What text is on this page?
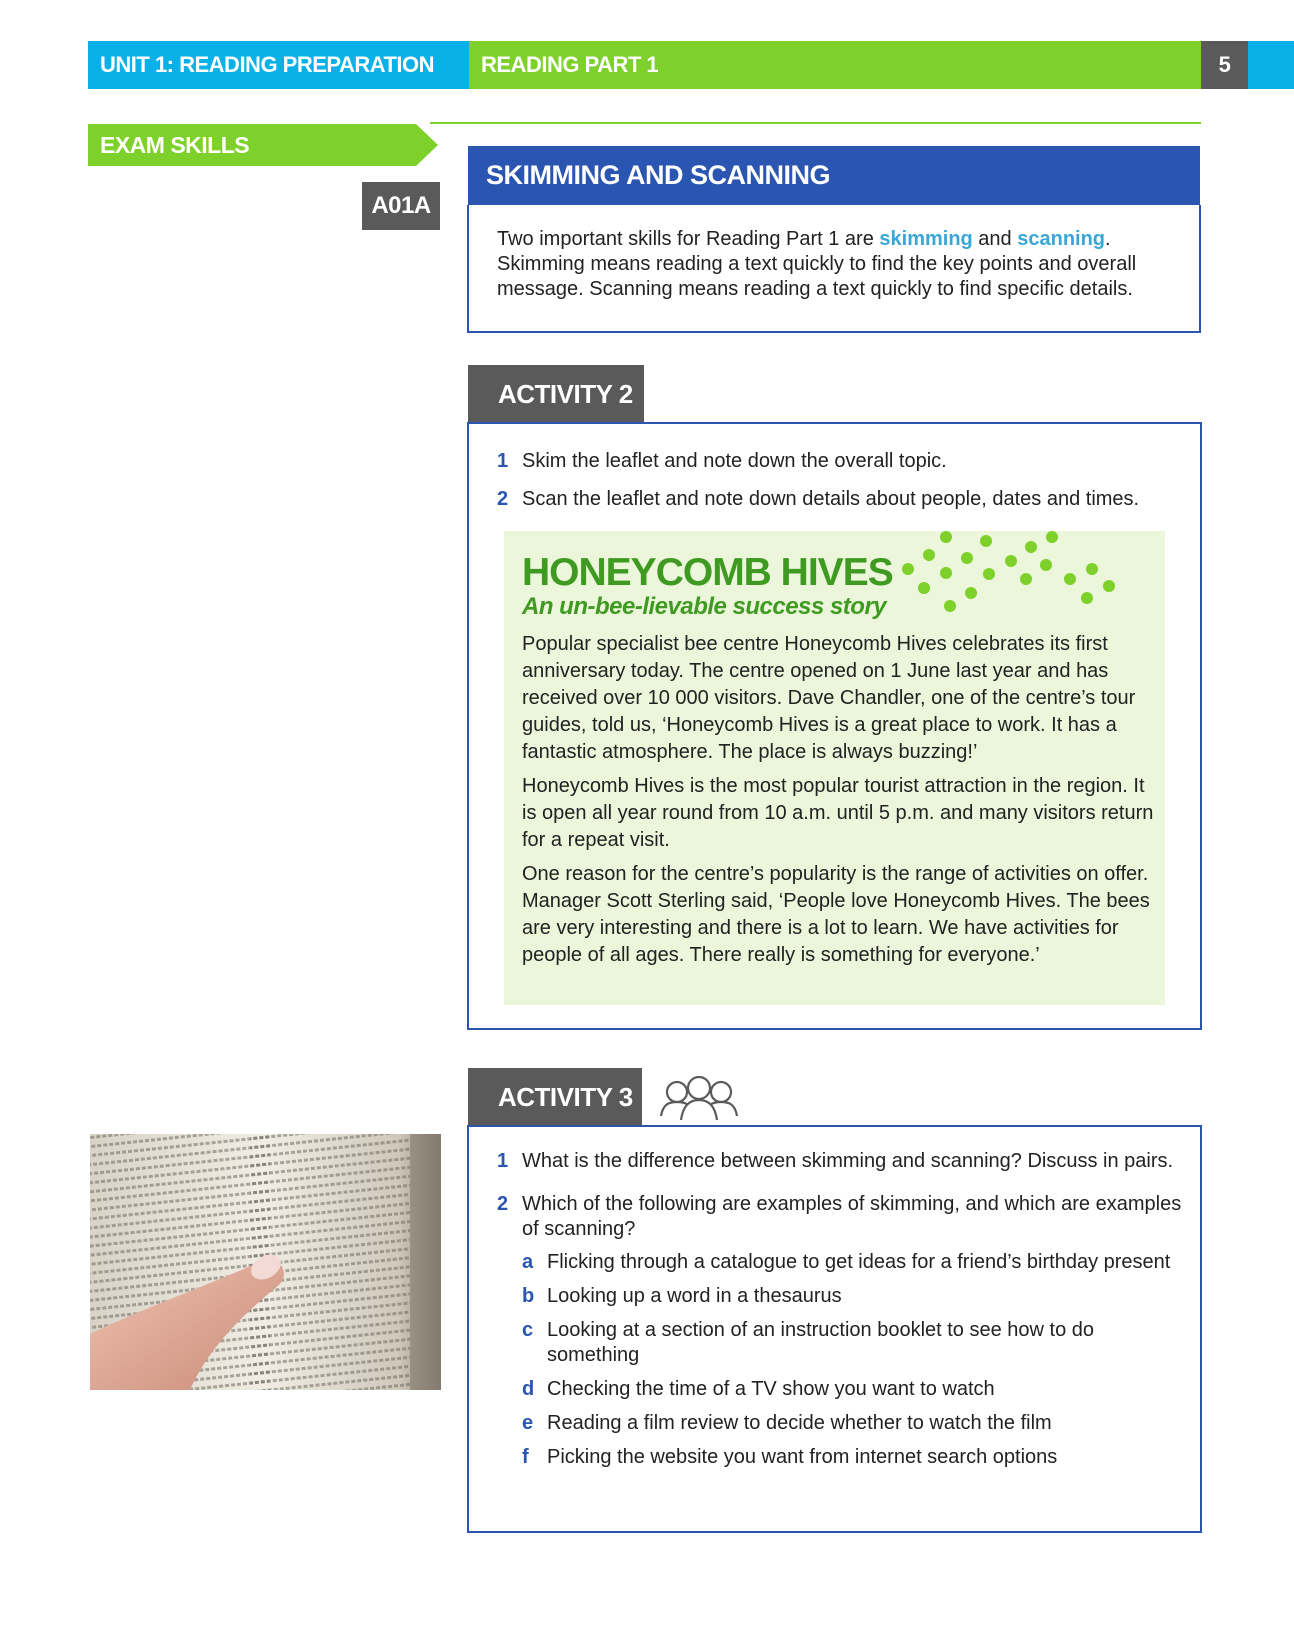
UNIT 1: READING PREPARATION	READING PART 1	5
EXAM SKILLS
A01A
SKIMMING AND SCANNING
Two important skills for Reading Part 1 are skimming and scanning. Skimming means reading a text quickly to find the key points and overall message. Scanning means reading a text quickly to find specific details.
ACTIVITY 2
1 Skim the leaflet and note down the overall topic.
2 Scan the leaflet and note down details about people, dates and times.
HONEYCOMB HIVES
An un-bee-lievable success story

Popular specialist bee centre Honeycomb Hives celebrates its first anniversary today. The centre opened on 1 June last year and has received over 10 000 visitors. Dave Chandler, one of the centre’s tour guides, told us, ‘Honeycomb Hives is a great place to work. It has a fantastic atmosphere. The place is always buzzing!’

Honeycomb Hives is the most popular tourist attraction in the region. It is open all year round from 10 a.m. until 5 p.m. and many visitors return for a repeat visit.

One reason for the centre’s popularity is the range of activities on offer. Manager Scott Sterling said, ‘People love Honeycomb Hives. The bees are very interesting and there is a lot to learn. We have activities for people of all ages. There really is something for everyone.’

ACTIVITY 3
1 What is the difference between skimming and scanning? Discuss in pairs.
2 Which of the following are examples of skimming, and which are examples of scanning?
a Flicking through a catalogue to get ideas for a friend’s birthday present
b Looking up a word in a thesaurus
c Looking at a section of an instruction booklet to see how to do something
d Checking the time of a TV show you want to watch
e Reading a film review to decide whether to watch the film
f Picking the website you want from internet search options
